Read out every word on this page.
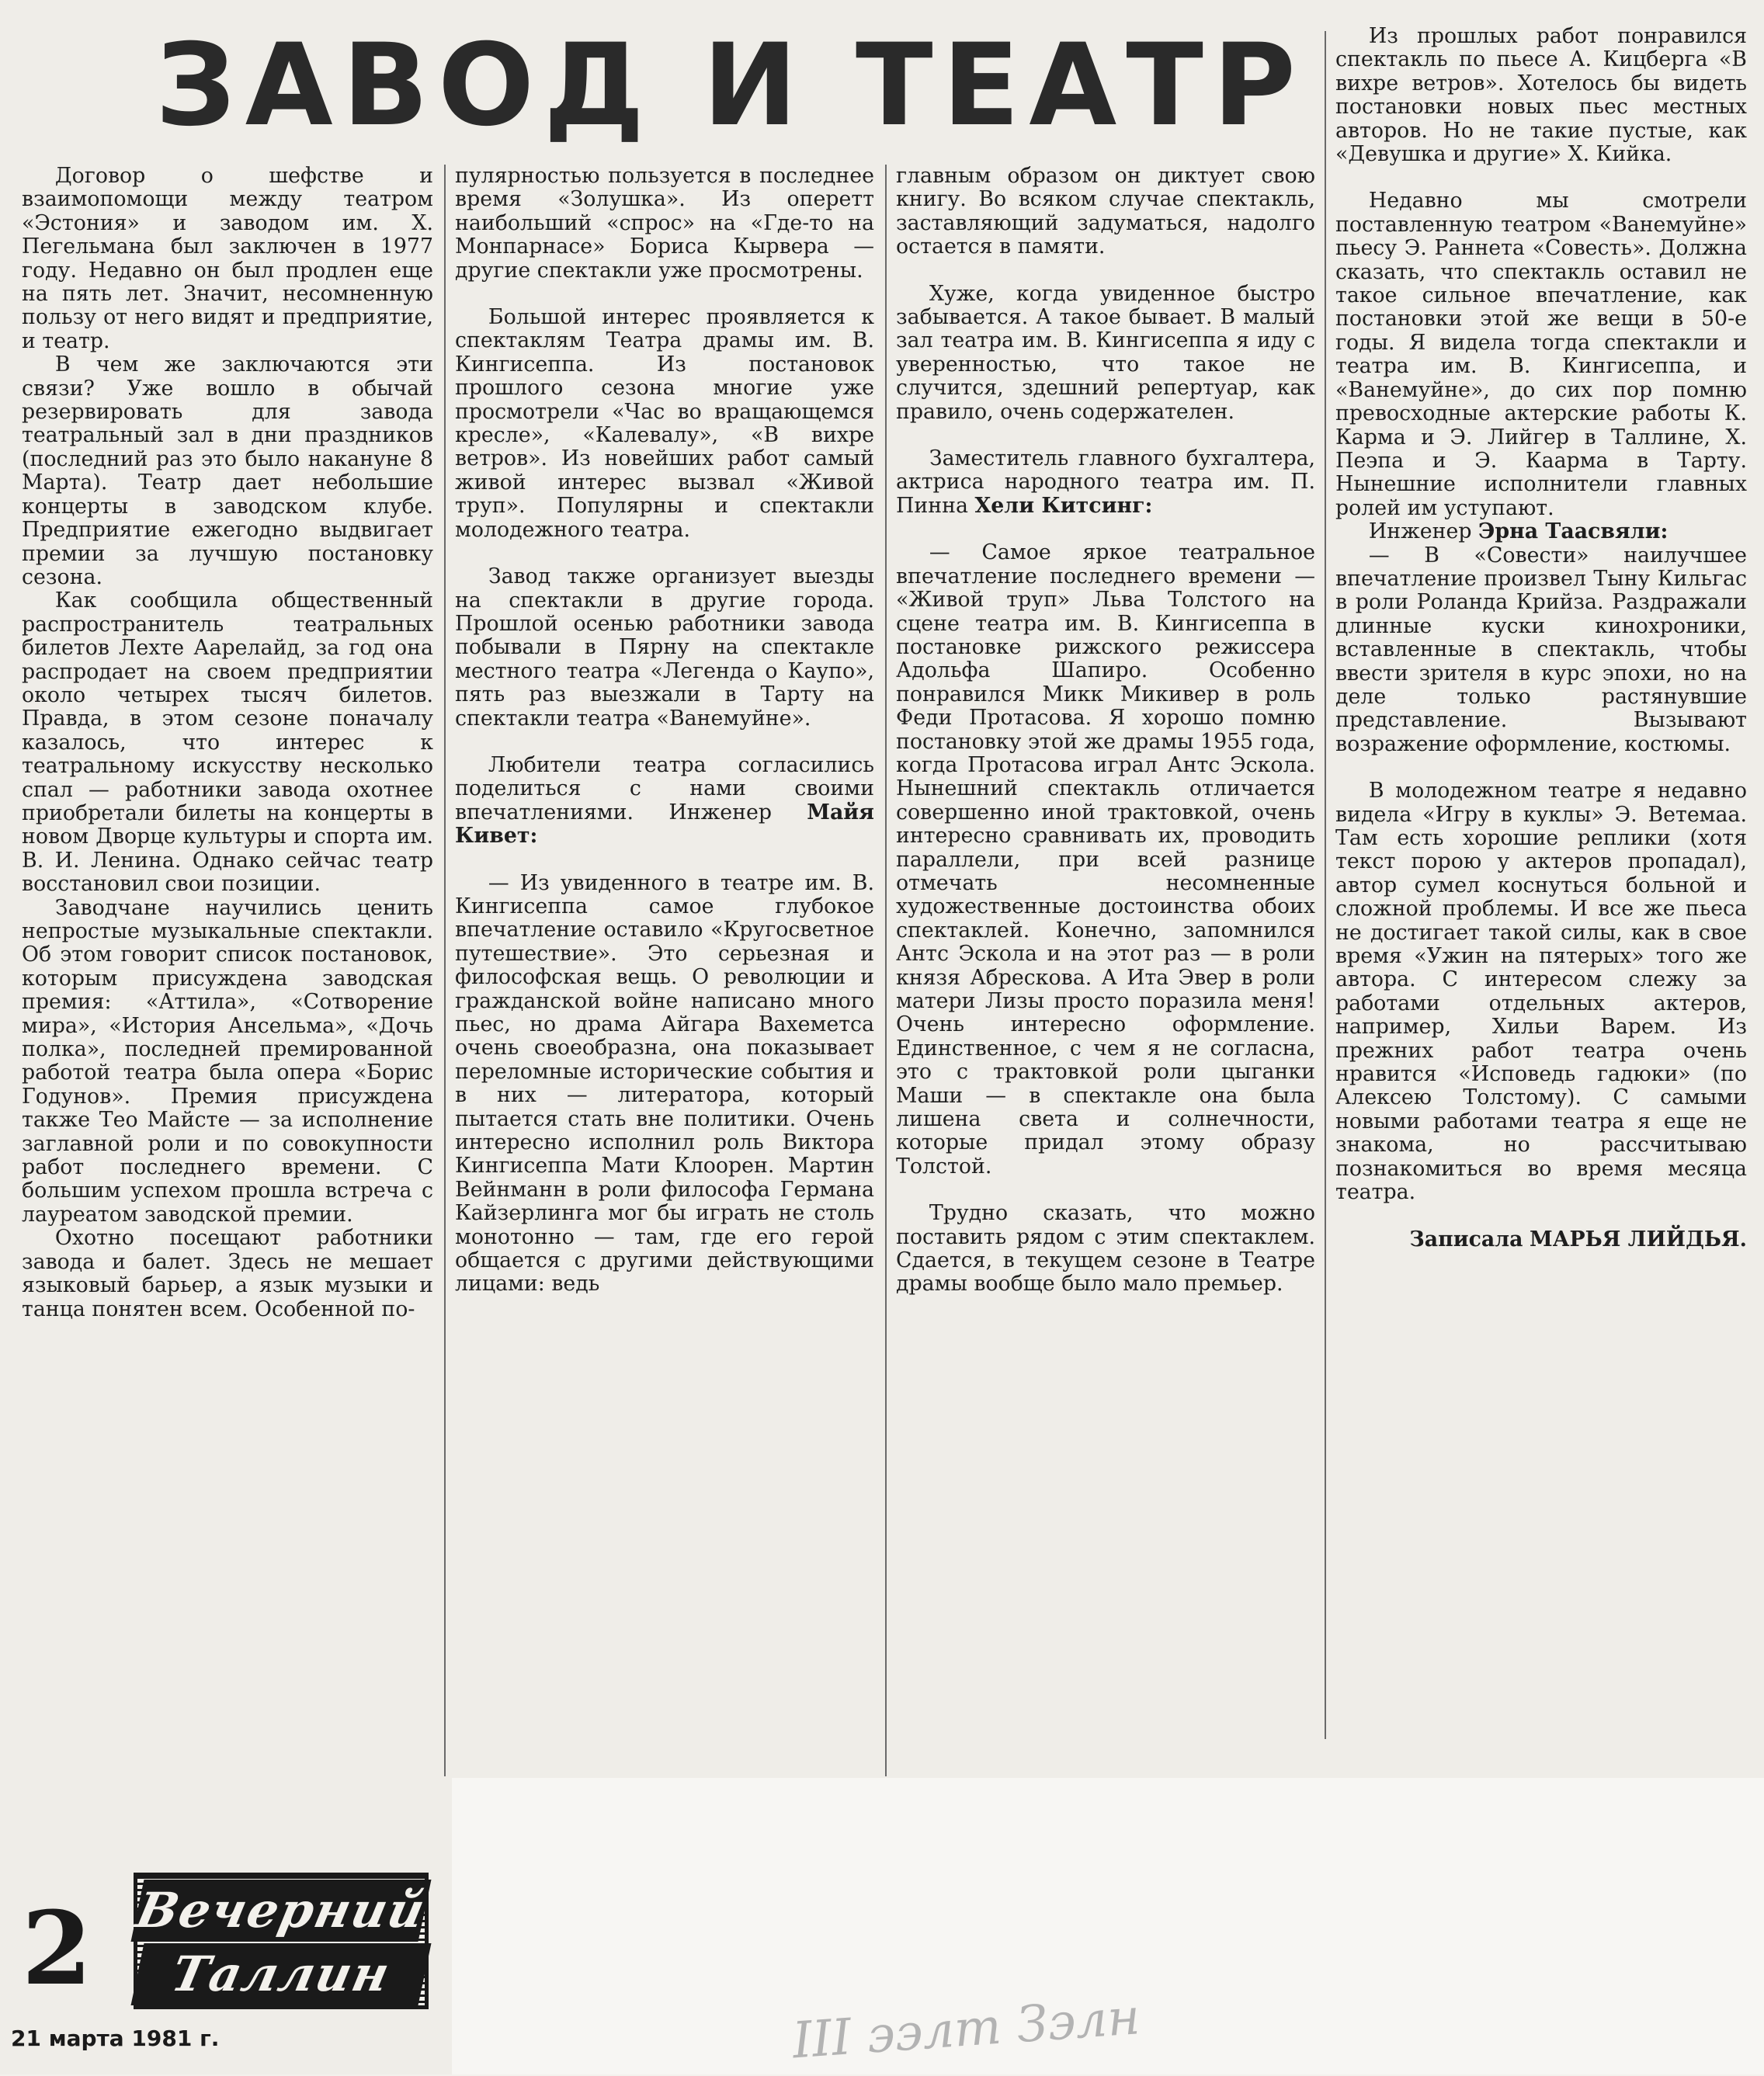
ЗАВОД И ТЕАТР

Договор о шефстве и взаимопомощи между театром «Эстония» и заводом им. Х. Пегельмана был заключен в 1977 году. Недавно он был продлен еще на пять лет. Значит, несомненную пользу от него видят и предприятие, и театр.

В чем же заключаются эти связи? Уже вошло в обычай резервировать для завода театральный зал в дни праздников (последний раз это было накануне 8 Марта). Театр дает небольшие концерты в заводском клубе. Предприятие ежегодно выдвигает премии за лучшую постановку сезона.

Как сообщила общественный распространитель театральных билетов Лехте Аарелайд, за год она распродает на своем предприятии около четырех тысяч билетов. Правда, в этом сезоне поначалу казалось, что интерес к театральному искусству несколько спал — работники завода охотнее приобретали билеты на концерты в новом Дворце культуры и спорта им. В. И. Ленина. Однако сейчас театр восстановил свои позиции.

Заводчане научились ценить непростые музыкальные спектакли. Об этом говорит список постановок, которым присуждена заводская премия: «Аттила», «Сотворение мира», «История Ансельма», «Дочь полка», последней премированной работой театра была опера «Борис Годунов». Премия присуждена также Тео Майсте — за исполнение заглавной роли и по совокупности работ последнего времени. С большим успехом прошла встреча с лауреатом заводской премии.

Охотно посещают работники завода и балет. Здесь не мешает языковый барьер, а язык музыки и танца понятен всем. Особенной по-

пулярностью пользуется в последнее время «Золушка». Из оперетт наибольший «спрос» на «Где-то на Монпарнасе» Бориса Кырвера — другие спектакли уже просмотрены.

Большой интерес проявляется к спектаклям Театра драмы им. В. Кингисеппа. Из постановок прошлого сезона многие уже просмотрели «Час во вращающемся кресле», «Калевалу», «В вихре ветров». Из новейших работ самый живой интерес вызвал «Живой труп». Популярны и спектакли молодежного театра.

Завод также организует выезды на спектакли в другие города. Прошлой осенью работники завода побывали в Пярну на спектакле местного театра «Легенда о Каупо», пять раз выезжали в Тарту на спектакли театра «Ванемуйне».

Любители театра согласились поделиться с нами своими впечатлениями. Инженер Майя Кивет:

— Из увиденного в театре им. В. Кингисеппа самое глубокое впечатление оставило «Кругосветное путешествие». Это серьезная и философская вещь. О революции и гражданской войне написано много пьес, но драма Айгара Вахеметса очень своеобразна, она показывает переломные исторические события и в них — литератора, который пытается стать вне политики. Очень интересно исполнил роль Виктора Кингисеппа Мати Клоорен. Мартин Вейнманн в роли философа Германа Кайзерлинга мог бы играть не столь монотонно — там, где его герой общается с другими действующими лицами: ведь

главным образом он диктует свою книгу. Во всяком случае спектакль, заставляющий задуматься, надолго остается в памяти.

Хуже, когда увиденное быстро забывается. А такое бывает. В малый зал театра им. В. Кингисеппа я иду с уверенностью, что такое не случится, здешний репертуар, как правило, очень содержателен.

Заместитель главного бухгалтера, актриса народного театра им. П. Пинна Хели Китсинг:

— Самое яркое театральное впечатление последнего времени — «Живой труп» Льва Толстого на сцене театра им. В. Кингисеппа в постановке рижского режиссера Адольфа Шапиро. Особенно понравился Микк Микивер в роль Феди Протасова. Я хорошо помню постановку этой же драмы 1955 года, когда Протасова играл Антс Эскола. Нынешний спектакль отличается совершенно иной трактовкой, очень интересно сравнивать их, проводить параллели, при всей разнице отмечать несомненные художественные достоинства обоих спектаклей. Конечно, запомнился Антс Эскола и на этот раз — в роли князя Абрескова. А Ита Эвер в роли матери Лизы просто поразила меня! Очень интересно оформление. Единственное, с чем я не согласна, это с трактовкой роли цыганки Маши — в спектакле она была лишена света и солнечности, которые придал этому образу Толстой.

Трудно сказать, что можно поставить рядом с этим спектаклем. Сдается, в текущем сезоне в Театре драмы вообще было мало премьер.

Из прошлых работ понравился спектакль по пьесе А. Кицберга «В вихре ветров». Хотелось бы видеть постановки новых пьес местных авторов. Но не такие пустые, как «Девушка и другие» Х. Кийка.

Недавно мы смотрели поставленную театром «Ванемуйне» пьесу Э. Раннета «Совесть». Должна сказать, что спектакль оставил не такое сильное впечатление, как постановки этой же вещи в 50-е годы. Я видела тогда спектакли и театра им. В. Кингисеппа, и «Ванемуйне», до сих пор помню превосходные актерские работы К. Карма и Э. Лийгер в Таллине, Х. Пеэпа и Э. Каарма в Тарту. Нынешние исполнители главных ролей им уступают.

Инженер Эрна Таасвяли:

— В «Совести» наилучшее впечатление произвел Тыну Кильгас в роли Роланда Крийза. Раздражали длинные куски кинохроники, вставленные в спектакль, чтобы ввести зрителя в курс эпохи, но на деле только растянувшие представление. Вызывают возражение оформление, костюмы.

В молодежном театре я недавно видела «Игру в куклы» Э. Ветемаа. Там есть хорошие реплики (хотя текст порою у актеров пропадал), автор сумел коснуться больной и сложной проблемы. И все же пьеса не достигает такой силы, как в свое время «Ужин на пятерых» того же автора. С интересом слежу за работами отдельных актеров, например, Хильи Варем. Из прежних работ театра очень нравится «Исповедь гадюки» (по Алексею Толстому). С самыми новыми работами театра я еще не знакома, но рассчитываю познакомиться во время месяца театра.

Записала МАРЬЯ ЛИЙДЬЯ.

2 Вечерний
Таллин
21 марта 1981 г.	III ээлт Зэлн
